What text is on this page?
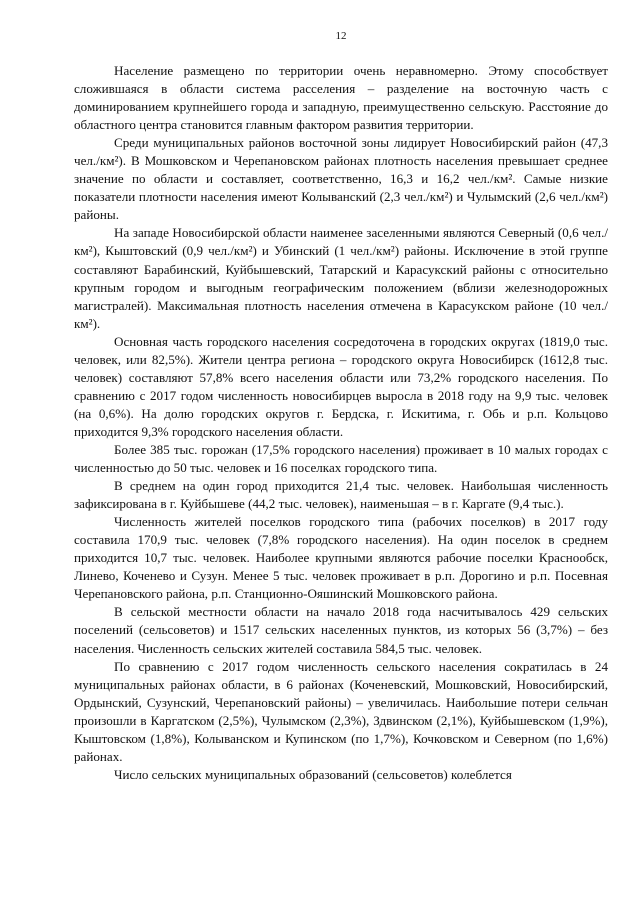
12

Население размещено по территории очень неравномерно. Этому способствует сложившаяся в области система расселения – разделение на восточную часть с доминированием крупнейшего города и западную, преимущественно сельскую. Расстояние до областного центра становится главным фактором развития территории.

Среди муниципальных районов восточной зоны лидирует Новосибирский район (47,3 чел./км²). В Мошковском и Черепановском районах плотность населения превышает среднее значение по области и составляет, соответственно, 16,3 и 16,2 чел./км². Самые низкие показатели плотности населения имеют Колыванский (2,3 чел./км²) и Чулымский (2,6 чел./км²) районы.

На западе Новосибирской области наименее заселенными являются Северный (0,6 чел./км²), Кыштовский (0,9 чел./км²) и Убинский (1 чел./км²) районы. Исключение в этой группе составляют Барабинский, Куйбышевский, Татарский и Карасукский районы с относительно крупным городом и выгодным географическим положением (вблизи железнодорожных магистралей). Максимальная плотность населения отмечена в Карасукском районе (10 чел./км²).

Основная часть городского населения сосредоточена в городских округах (1819,0 тыс. человек, или 82,5%). Жители центра региона – городского округа Новосибирск (1612,8 тыс. человек) составляют 57,8% всего населения области или 73,2% городского населения. По сравнению с 2017 годом численность новосибирцев выросла в 2018 году на 9,9 тыс. человек (на 0,6%). На долю городских округов г. Бердска, г. Искитима, г. Обь и р.п. Кольцово приходится 9,3% городского населения области.

Более 385 тыс. горожан (17,5% городского населения) проживает в 10 малых городах с численностью до 50 тыс. человек и 16 поселках городского типа.

В среднем на один город приходится 21,4 тыс. человек. Наибольшая численность зафиксирована в г. Куйбышеве (44,2 тыс. человек), наименьшая – в г. Каргате (9,4 тыс.).

Численность жителей поселков городского типа (рабочих поселков) в 2017 году составила 170,9 тыс. человек (7,8% городского населения). На один поселок в среднем приходится 10,7 тыс. человек. Наиболее крупными являются рабочие поселки Краснообск, Линево, Коченево и Сузун. Менее 5 тыс. человек проживает в р.п. Дорогино и р.п. Посевная Черепановского района, р.п. Станционно-Ояшинский Мошковского района.

В сельской местности области на начало 2018 года насчитывалось 429 сельских поселений (сельсоветов) и 1517 сельских населенных пунктов, из которых 56 (3,7%) – без населения. Численность сельских жителей составила 584,5 тыс. человек.

По сравнению с 2017 годом численность сельского населения сократилась в 24 муниципальных районах области, в 6 районах (Коченевский, Мошковский, Новосибирский, Ордынский, Сузунский, Черепановский районы) – увеличилась. Наибольшие потери сельчан произошли в Каргатском (2,5%), Чулымском (2,3%), Здвинском (2,1%), Куйбышевском (1,9%), Кыштовском (1,8%), Колыванском и Купинском (по 1,7%), Кочковском и Северном (по 1,6%) районах.

Число сельских муниципальных образований (сельсоветов) колеблется
